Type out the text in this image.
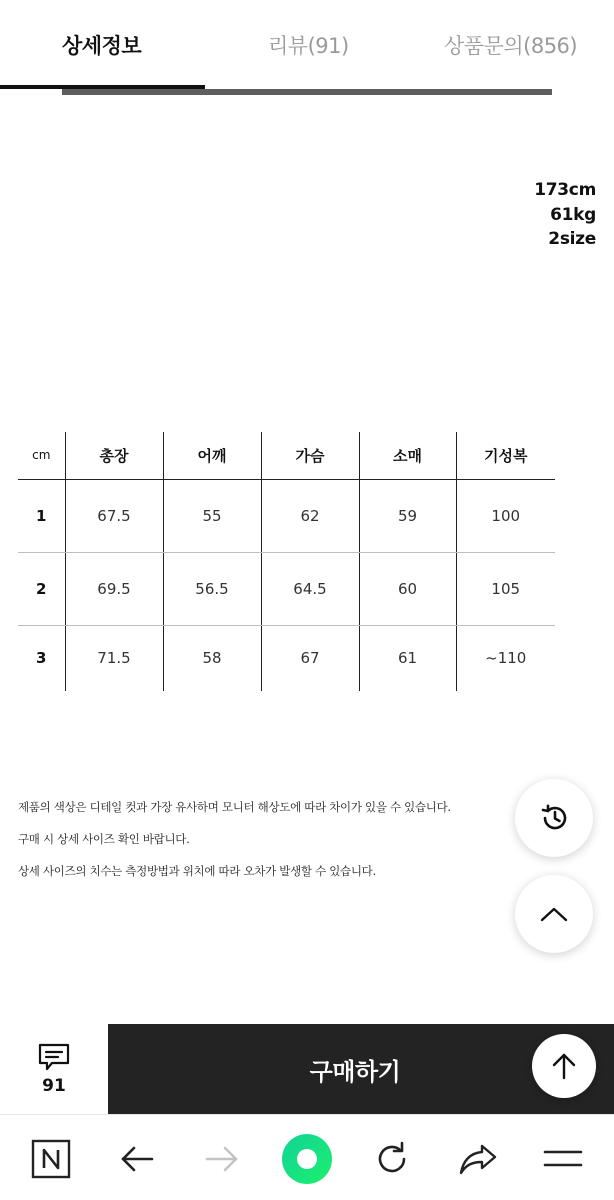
상세정보	리뷰(91)	상품문의(856)
173cm
61kg
2size
cm	총장	어깨	가슴	소매	기성복
1	67.5	55	62	59	100
2	69.5	56.5	64.5	60	105
3	71.5	58	67	61	~110
제품의 색상은 디테일 컷과 가장 유사하며 모니터 해상도에 따라 차이가 있을 수 있습니다.
구매 시 상세 사이즈 확인 바랍니다.
상세 사이즈의 치수는 측정방법과 위치에 따라 오차가 발생할 수 있습니다.
91
구매하기
